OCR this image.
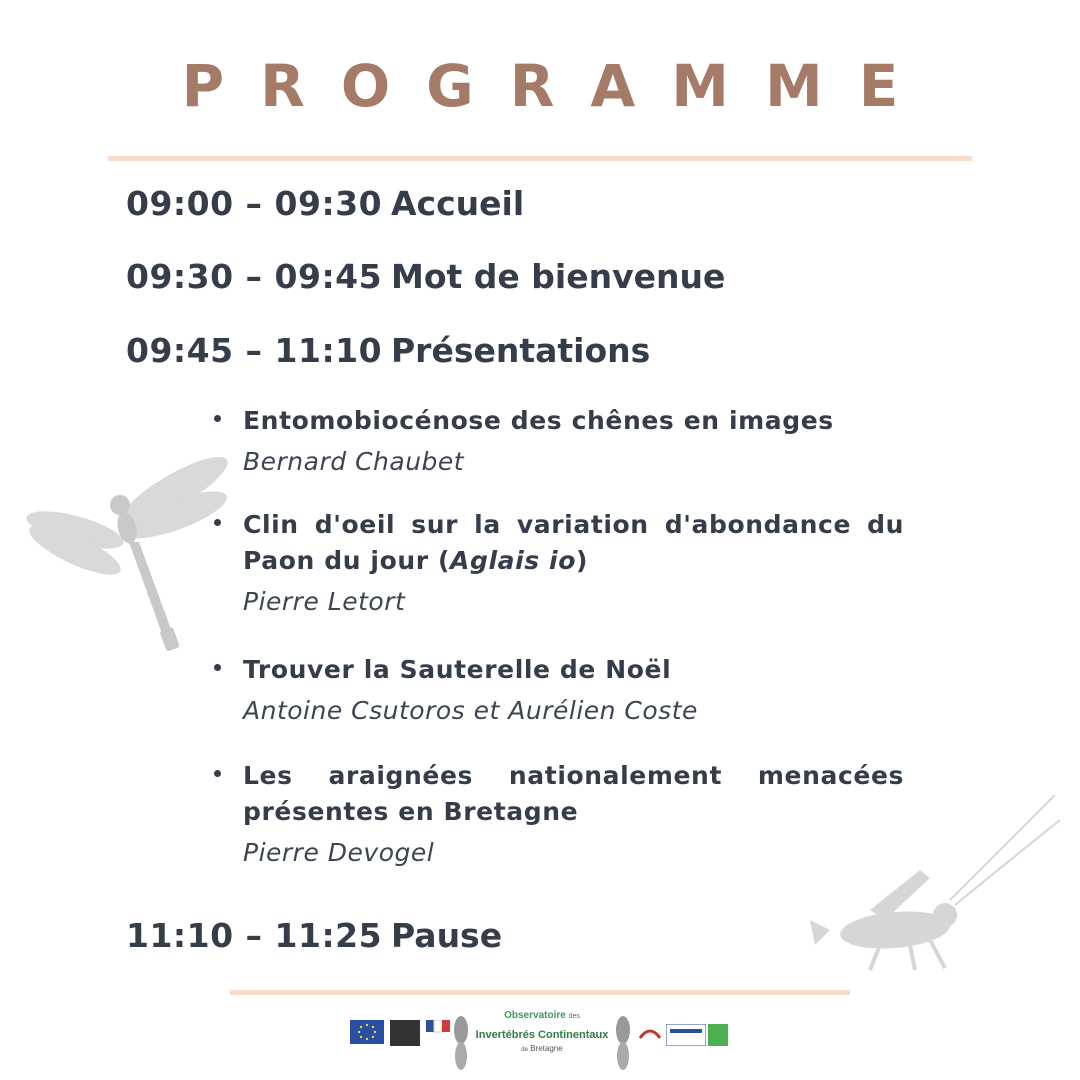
PROGRAMME
09:00 – 09:30 Accueil
09:30 – 09:45 Mot de bienvenue
09:45 – 11:10 Présentations
Entomobiocénose des chênes en images
Bernard Chaubet
Clin d'oeil sur la variation d'abondance du Paon du jour (Aglais io)
Pierre Letort
Trouver la Sauterelle de Noël
Antoine Csutoros et Aurélien Coste
Les araignées nationalement menacées présentes en Bretagne
Pierre Devogel
11:10 – 11:25 Pause
Observatoire des
Invertébrés Continentaux
de Bretagne
